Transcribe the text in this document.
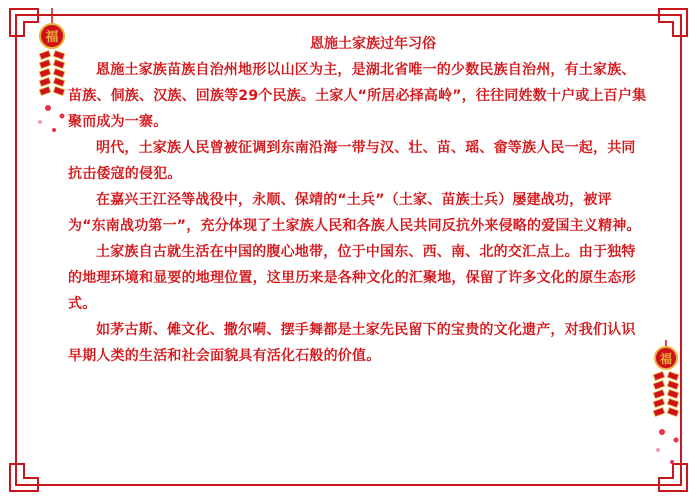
福
福
恩施土家族过年习俗

恩施土家族苗族自治州地形以山区为主，是湖北省唯一的少数民族自治州，有土家族、苗族、侗族、汉族、回族等29个民族。土家人“所居必择高岭”，往往同姓数十户或上百户集聚而成为一寨。

明代，土家族人民曾被征调到东南沿海一带与汉、壮、苗、瑶、畲等族人民一起，共同抗击倭寇的侵犯。

在嘉兴王江泾等战役中，永顺、保靖的“土兵”（土家、苗族士兵）屡建战功，被评为“东南战功第一”，充分体现了土家族人民和各族人民共同反抗外来侵略的爱国主义精神。

土家族自古就生活在中国的腹心地带，位于中国东、西、南、北的交汇点上。由于独特的地理环境和显要的地理位置，这里历来是各种文化的汇聚地，保留了许多文化的原生态形式。

如茅古斯、傩文化、撒尔嗬、摆手舞都是土家先民留下的宝贵的文化遗产，对我们认识早期人类的生活和社会面貌具有活化石般的价值。
